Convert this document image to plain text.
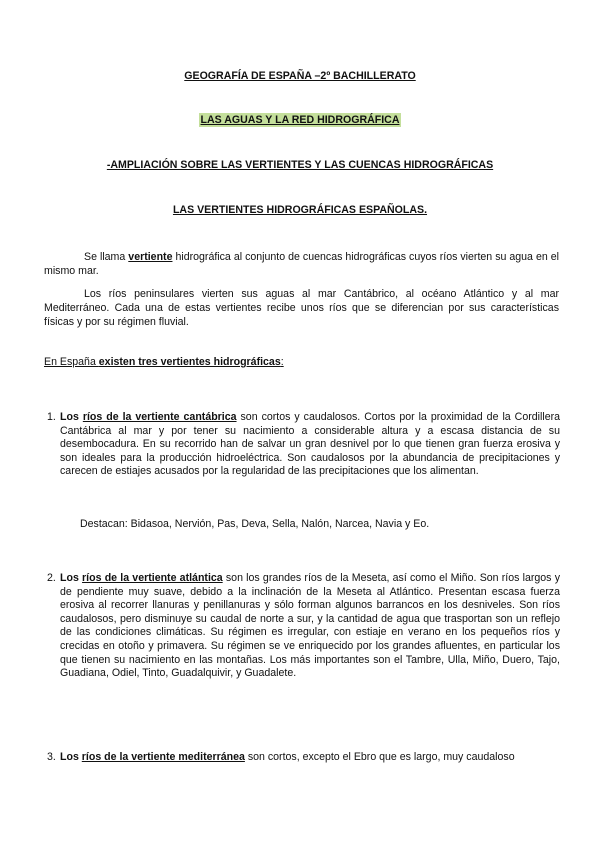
GEOGRAFÍA DE ESPAÑA –2º BACHILLERATO
LAS AGUAS Y LA RED HIDROGRÁFICA
-AMPLIACIÓN SOBRE LAS VERTIENTES Y LAS CUENCAS HIDROGRÁFICAS
LAS VERTIENTES HIDROGRÁFICAS ESPAÑOLAS.
Se llama vertiente hidrográfica al conjunto de cuencas hidrográficas cuyos ríos vierten su agua en el mismo mar.
Los ríos peninsulares vierten sus aguas al mar Cantábrico, al océano Atlántico y al mar Mediterráneo. Cada una de estas vertientes recibe unos ríos que se diferencian por sus características físicas y por su régimen fluvial.
En España existen tres vertientes hidrográficas:
1. Los ríos de la vertiente cantábrica son cortos y caudalosos. Cortos por la proximidad de la Cordillera Cantábrica al mar y por tener su nacimiento a considerable altura y a escasa distancia de su desembocadura. En su recorrido han de salvar un gran desnivel por lo que tienen gran fuerza erosiva y son ideales para la producción hidroeléctrica. Son caudalosos por la abundancia de precipitaciones y carecen de estiajes acusados por la regularidad de las precipitaciones que los alimentan.
Destacan: Bidasoa, Nervión, Pas, Deva, Sella, Nalón, Narcea, Navia y Eo.
2. Los ríos de la vertiente atlántica son los grandes ríos de la Meseta, así como el Miño. Son ríos largos y de pendiente muy suave, debido a la inclinación de la Meseta al Atlántico. Presentan escasa fuerza erosiva al recorrer llanuras y penillanuras y sólo forman algunos barrancos en los desniveles. Son ríos caudalosos, pero disminuye su caudal de norte a sur, y la cantidad de agua que trasportan son un reflejo de las condiciones climáticas. Su régimen es irregular, con estiaje en verano en los pequeños ríos y crecidas en otoño y primavera. Su régimen se ve enriquecido por los grandes afluentes, en particular los que tienen su nacimiento en las montañas. Los más importantes son el Tambre, Ulla, Miño, Duero, Tajo, Guadiana, Odiel, Tinto, Guadalquivir, y Guadalete.
3. Los ríos de la vertiente mediterránea son cortos, excepto el Ebro que es largo, muy caudaloso
